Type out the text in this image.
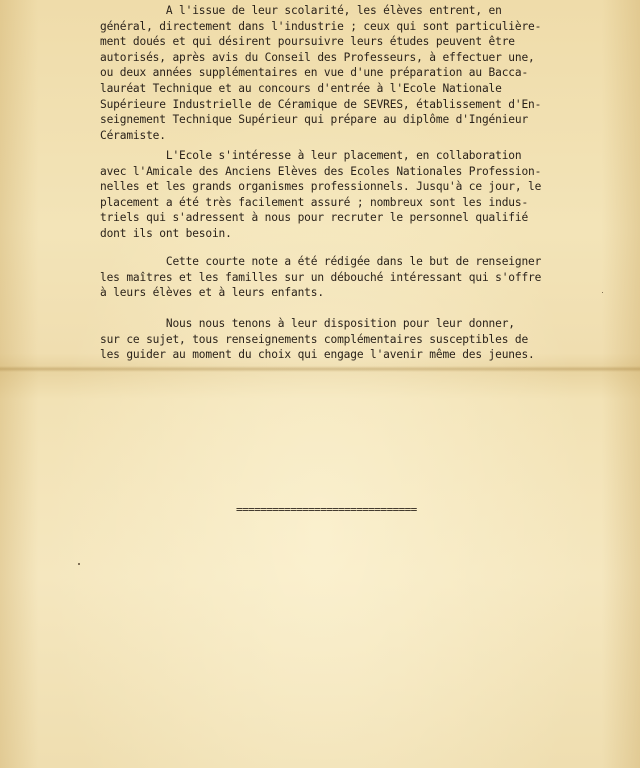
A l'issue de leur scolarité, les élèves entrent, en
général, directement dans l'industrie ; ceux qui sont particulière-
ment doués et qui désirent poursuivre leurs études peuvent être
autorisés, après avis du Conseil des Professeurs, à effectuer une,
ou deux années supplémentaires en vue d'une préparation au Bacca-
lauréat Technique et au concours d'entrée à l'Ecole Nationale
Supérieure Industrielle de Céramique de SEVRES, établissement d'En-
seignement Technique Supérieur qui prépare au diplôme d'Ingénieur
Céramiste.
L'Ecole s'intéresse à leur placement, en collaboration
avec l'Amicale des Anciens Elèves des Ecoles Nationales Profession-
nelles et les grands organismes professionnels. Jusqu'à ce jour, le
placement a été très facilement assuré ; nombreux sont les indus-
triels qui s'adressent à nous pour recruter le personnel qualifié
dont ils ont besoin.
Cette courte note a été rédigée dans le but de renseigner
les maîtres et les familles sur un débouché intéressant qui s'offre
à leurs élèves et à leurs enfants.
Nous nous tenons à leur disposition pour leur donner,
sur ce sujet, tous renseignements complémentaires susceptibles de
les guider au moment du choix qui engage l'avenir même des jeunes.
==============================
